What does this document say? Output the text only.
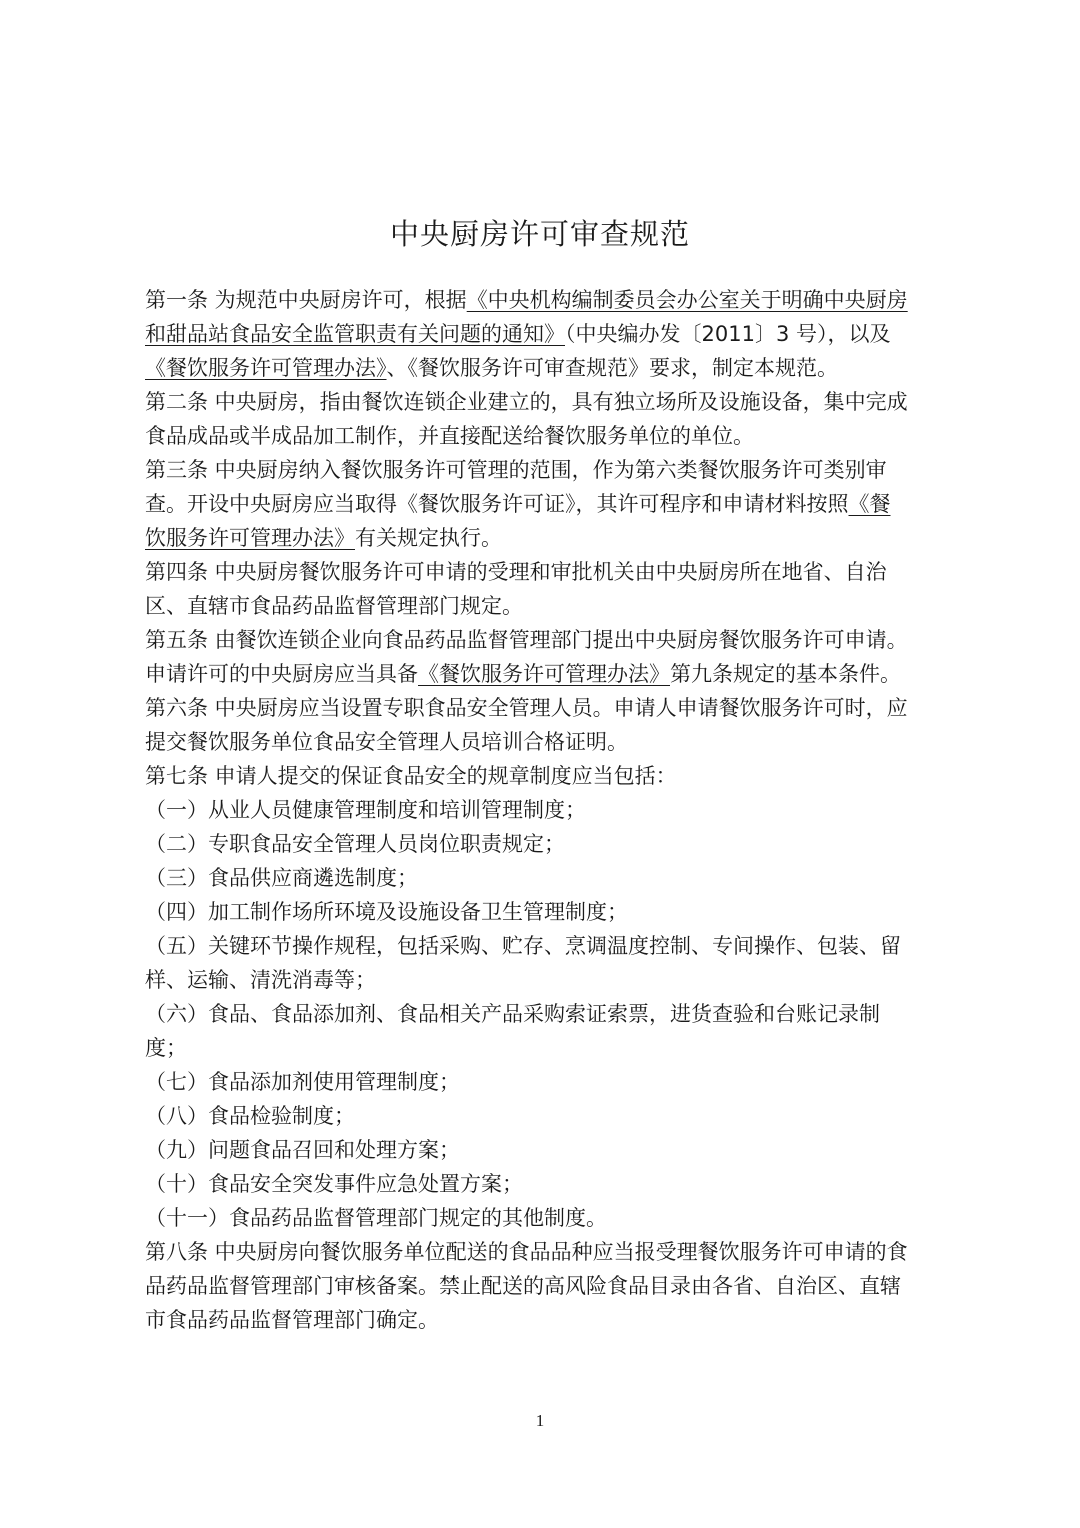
中央厨房许可审查规范
第一条 为规范中央厨房许可，根据《中央机构编制委员会办公室关于明确中央厨房
和甜品站食品安全监管职责有关问题的通知》（中央编办发〔2011〕3 号），以及
《餐饮服务许可管理办法》、《餐饮服务许可审查规范》要求，制定本规范。
第二条 中央厨房，指由餐饮连锁企业建立的，具有独立场所及设施设备，集中完成
食品成品或半成品加工制作，并直接配送给餐饮服务单位的单位。
第三条 中央厨房纳入餐饮服务许可管理的范围，作为第六类餐饮服务许可类别审
查。开设中央厨房应当取得《餐饮服务许可证》，其许可程序和申请材料按照《餐
饮服务许可管理办法》有关规定执行。
第四条 中央厨房餐饮服务许可申请的受理和审批机关由中央厨房所在地省、自治
区、直辖市食品药品监督管理部门规定。
第五条 由餐饮连锁企业向食品药品监督管理部门提出中央厨房餐饮服务许可申请。
申请许可的中央厨房应当具备《餐饮服务许可管理办法》第九条规定的基本条件。
第六条 中央厨房应当设置专职食品安全管理人员。申请人申请餐饮服务许可时，应
提交餐饮服务单位食品安全管理人员培训合格证明。
第七条 申请人提交的保证食品安全的规章制度应当包括：
（一）从业人员健康管理制度和培训管理制度；
（二）专职食品安全管理人员岗位职责规定；
（三）食品供应商遴选制度；
（四）加工制作场所环境及设施设备卫生管理制度；
（五）关键环节操作规程，包括采购、贮存、烹调温度控制、专间操作、包装、留
样、运输、清洗消毒等；
（六）食品、食品添加剂、食品相关产品采购索证索票，进货查验和台账记录制
度；
（七）食品添加剂使用管理制度；
（八）食品检验制度；
（九）问题食品召回和处理方案；
（十）食品安全突发事件应急处置方案；
（十一）食品药品监督管理部门规定的其他制度。
第八条 中央厨房向餐饮服务单位配送的食品品种应当报受理餐饮服务许可申请的食
品药品监督管理部门审核备案。禁止配送的高风险食品目录由各省、自治区、直辖
市食品药品监督管理部门确定。
1
